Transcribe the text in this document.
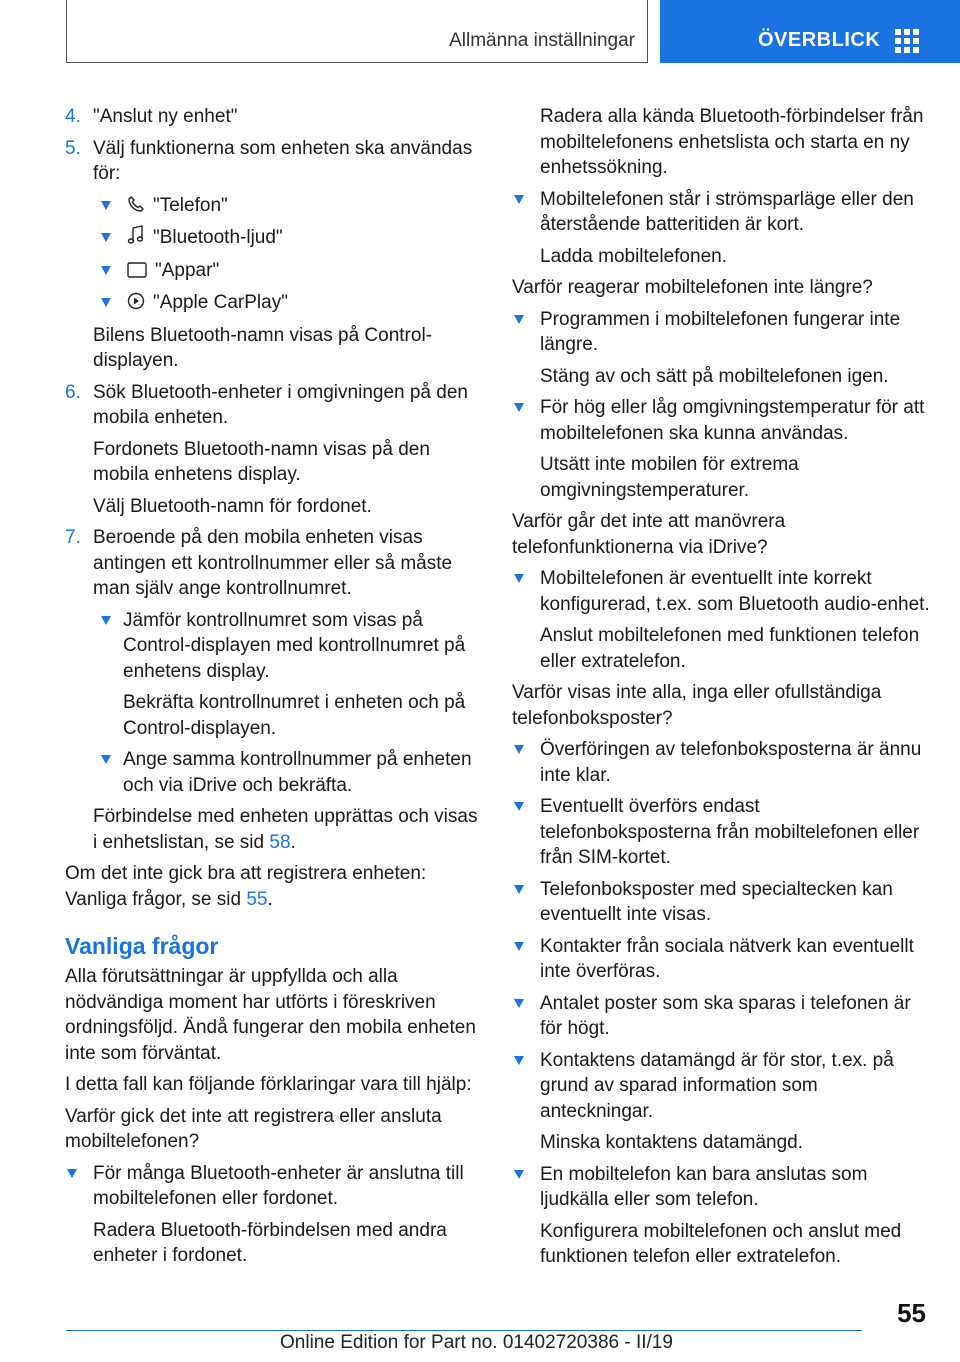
Allmänna inställningar	ÖVERBLICK
4. "Anslut ny enhet"
5. Välj funktionerna som enheten ska användas för:
"Telefon"
"Bluetooth-ljud"
"Appar"
"Apple CarPlay"
Bilens Bluetooth-namn visas på Control-displayen.
6. Sök Bluetooth-enheter i omgivningen på den mobila enheten.
Fordonets Bluetooth-namn visas på den mobila enhetens display.
Välj Bluetooth-namn för fordonet.
7. Beroende på den mobila enheten visas antingen ett kontrollnummer eller så måste man själv ange kontrollnumret.
Jämför kontrollnumret som visas på Control-displayen med kontrollnumret på enhetens display.
Bekräfta kontrollnumret i enheten och på Control-displayen.
Ange samma kontrollnummer på enheten och via iDrive och bekräfta.
Förbindelse med enheten upprättas och visas i enhetslistan, se sid 58.
Om det inte gick bra att registrera enheten: Vanliga frågor, se sid 55.
Vanliga frågor
Alla förutsättningar är uppfyllda och alla nödvändiga moment har utförts i föreskriven ordningsföljd. Ändå fungerar den mobila enheten inte som förväntat.
I detta fall kan följande förklaringar vara till hjälp:
Varför gick det inte att registrera eller ansluta mobiltelefonen?
För många Bluetooth-enheter är anslutna till mobiltelefonen eller fordonet.
Radera Bluetooth-förbindelsen med andra enheter i fordonet.
Radera alla kända Bluetooth-förbindelser från mobiltelefonens enhetslista och starta en ny enhetssökning.
Mobiltelefonen står i strömsparläge eller den återstående batteritiden är kort.
Ladda mobiltelefonen.
Varför reagerar mobiltelefonen inte längre?
Programmen i mobiltelefonen fungerar inte längre.
Stäng av och sätt på mobiltelefonen igen.
För hög eller låg omgivningstemperatur för att mobiltelefonen ska kunna användas.
Utsätt inte mobilen för extrema omgivningstemperaturer.
Varför går det inte att manövrera telefonfunktionerna via iDrive?
Mobiltelefonen är eventuellt inte korrekt konfigurerad, t.ex. som Bluetooth audio-enhet.
Anslut mobiltelefonen med funktionen telefon eller extratelefon.
Varför visas inte alla, inga eller ofullständiga telefonboksposter?
Överföringen av telefonboksposterna är ännu inte klar.
Eventuellt överförs endast telefonboksposterna från mobiltelefonen eller från SIM-kortet.
Telefonboksposter med specialtecken kan eventuellt inte visas.
Kontakter från sociala nätverk kan eventuellt inte överföras.
Antalet poster som ska sparas i telefonen är för högt.
Kontaktens datamängd är för stor, t.ex. på grund av sparad information som anteckningar.
Minska kontaktens datamängd.
En mobiltelefon kan bara anslutas som ljudkälla eller som telefon.
Konfigurera mobiltelefonen och anslut med funktionen telefon eller extratelefon.
55
Online Edition for Part no. 01402720386 - II/19
